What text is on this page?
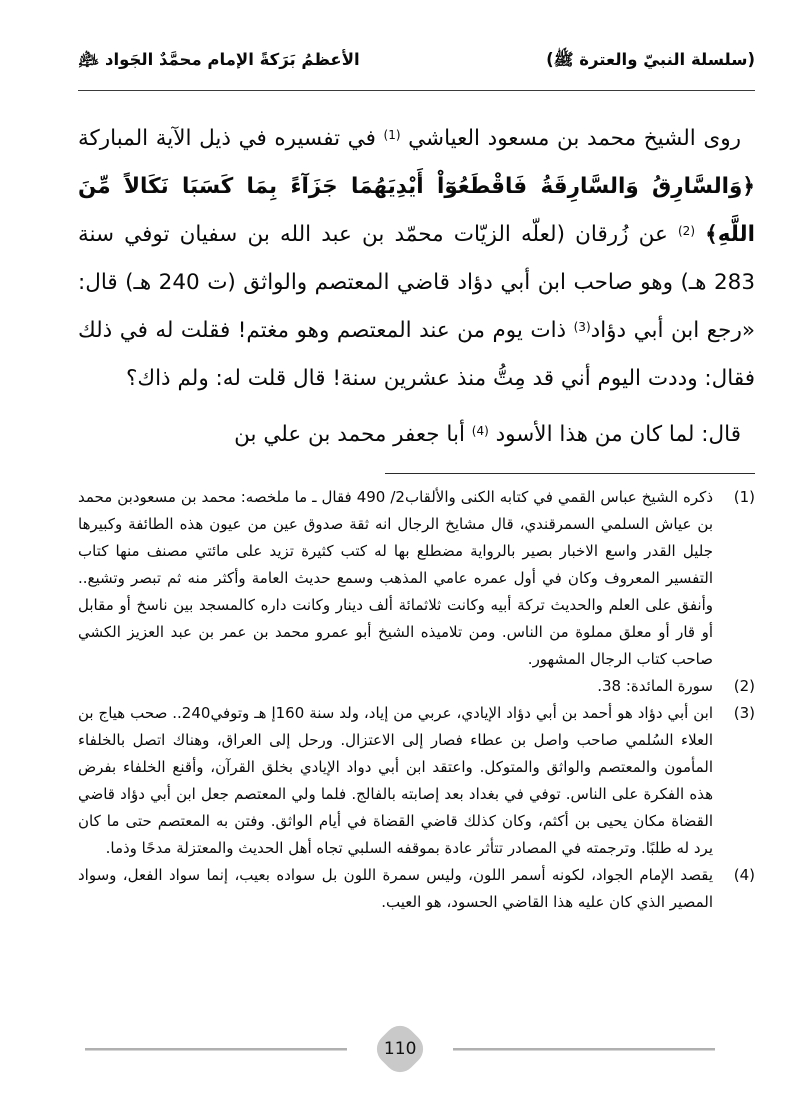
(سلسلة النبيّ والعترة ﷺ)
الأعظمُ بَرَكةً الإمام محمَّدٌ الجَواد ﵇

روى الشيخ محمد بن مسعود العياشي $^{(1)}$ في تفسيره في ذيل الآية المباركة ﴿وَالسَّارِقُ وَالسَّارِقَةُ فَاقْطَعُوٓاْ أَيْدِيَهُمَا جَزَآءً بِمَا كَسَبَا نَكَالاً مِّنَ اللَّهِ﴾ $^{(2)}$ عن زُرقان (لعلّه الزيّات محمّد بن عبد الله بن سفيان توفي سنة 283 هـ) وهو صاحب ابن أبي دؤاد قاضي المعتصم والواثق (ت 240 هـ) قال: «رجع ابن أبي دؤاد$^{(3)}$ ذات يوم من عند المعتصم وهو مغتم! فقلت له في ذلك فقال: وددت اليوم أني قد مِتُّ منذ عشرين سنة! قال قلت له: ولم ذاك؟

قال: لما كان من هذا الأسود $^{(4)}$ أبا جعفر محمد بن علي بن

(1)
ذكره الشيخ عباس القمي في كتابه الكنى والألقاب2/ 490 فقال ـ ما ملخصه: محمد بن مسعودبن محمد بن عياش السلمي السمرقندي، قال مشايخ الرجال انه ثقة صدوق عين من عيون هذه الطائفة وكبيرها جليل القدر واسع الاخبار بصير بالرواية مضطلع بها له كتب كثيرة تزيد على مائتي مصنف منها كتاب التفسير المعروف وكان في أول عمره عامي المذهب وسمع حديث العامة وأكثر منه ثم تبصر وتشيع.. وأنفق على العلم والحديث تركة أبيه وكانت ثلاثمائة ألف دينار وكانت داره كالمسجد بين ناسخ أو مقابل أو قار أو معلق مملوة من الناس. ومن تلاميذه الشيخ أبو عمرو محمد بن عمر بن عبد العزيز الكشي صاحب كتاب الرجال المشهور.
(2)
سورة المائدة: 38.
(3)
ابن أبي دؤاد هو أحمد بن أبي دؤاد الإيادي، عربي من إياد، ولد سنة 160إ هـ وتوفي240.. صحب هياج بن العلاء السُلمي صاحب واصل بن عطاء فصار إلى الاعتزال. ورحل إلى العراق، وهناك اتصل بالخلفاء المأمون والمعتصم والواثق والمتوكل. واعتقد ابن أبي دواد الإيادي بخلق القرآن، وأقنع الخلفاء بفرض هذه الفكرة على الناس. توفي في بغداد بعد إصابته بالفالج. فلما ولي المعتصم جعل ابن أبي دؤاد قاضي القضاة مكان يحيى بن أكثم، وكان كذلك قاضي القضاة في أيام الواثق. وفتن به المعتصم حتى ما كان يرد له طلبًا. وترجمته في المصادر تتأثر عادة بموقفه السلبي تجاه أهل الحديث والمعتزلة مدحًا وذما.
(4)
يقصد الإمام الجواد، لكونه أسمر اللون، وليس سمرة اللون بل سواده بعيب، إنما سواد الفعل، وسواد المصير الذي كان عليه هذا القاضي الحسود، هو العيب.
110
